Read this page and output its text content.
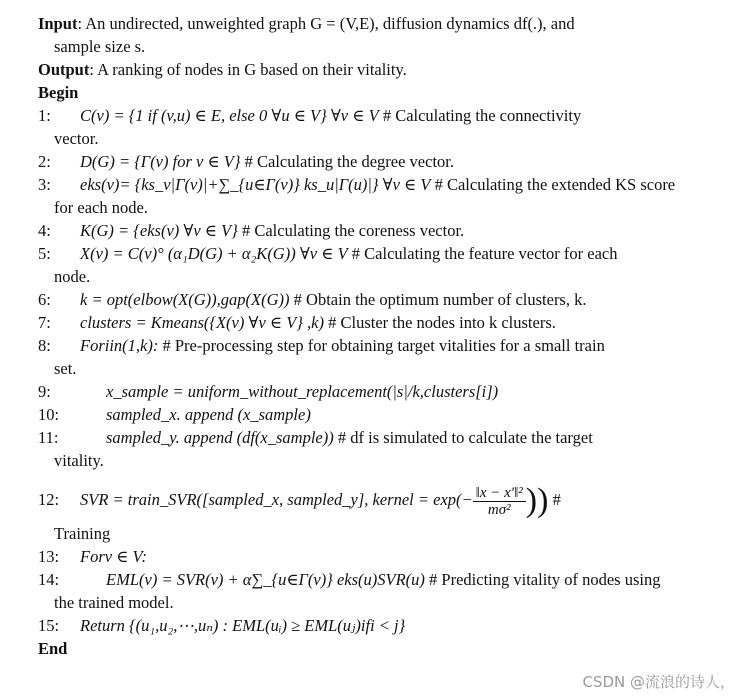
Input: An undirected, unweighted graph G = (V,E), diffusion dynamics df(.), and
sample size s.
Output: A ranking of nodes in G based on their vitality.
Begin
1: C(v) = {1 if (v,u) ∈ E, else 0 ∀u ∈ V} ∀v ∈ V # Calculating the connectivity
vector.
2: D(G) = {Γ(v) for v ∈ V} # Calculating the degree vector.
3: eks(v)= {ks_v|Γ(v)|+∑_{u∈Γ(v)} ks_u|Γ(u)|} ∀v ∈ V # Calculating the extended KS score
for each node.
4: K(G) = {eks(v) ∀v ∈ V} # Calculating the coreness vector.
5: X(v) = C(v)° (α₁D(G) + α₂K(G)) ∀v ∈ V # Calculating the feature vector for each
node.
6: k = opt(elbow(X(G)),gap(X(G)) # Obtain the optimum number of clusters, k.
7: clusters = Kmeans({X(v) ∀v ∈ V} ,k) # Cluster the nodes into k clusters.
8: Foriin(1,k): # Pre-processing step for obtaining target vitalities for a small train
set.
9:	x_sample = uniform_without_replacement(|s|/k,clusters[i])
10:	sampled_x. append (x_sample)
11:	sampled_y. append (df(x_sample)) # df is simulated to calculate the target
vitality.
12: SVR = train_SVR([sampled_x, sampled_y], kernel = $\exp(- \frac{\text{‖x − x′‖²}}{\text{mσ²}}$ )) #
Training
13: Forv ∈ V:
14:	EML(v) = SVR(v) + α∑_{u∈Γ(v)} eks(u)SVR(u) # Predicting vitality of nodes using
the trained model.
15: Return {(u₁,u₂,⋯,uₙ) : EML(uᵢ) ≥ EML(uⱼ)ifi < j}
End
CSDN @流浪的诗人，
